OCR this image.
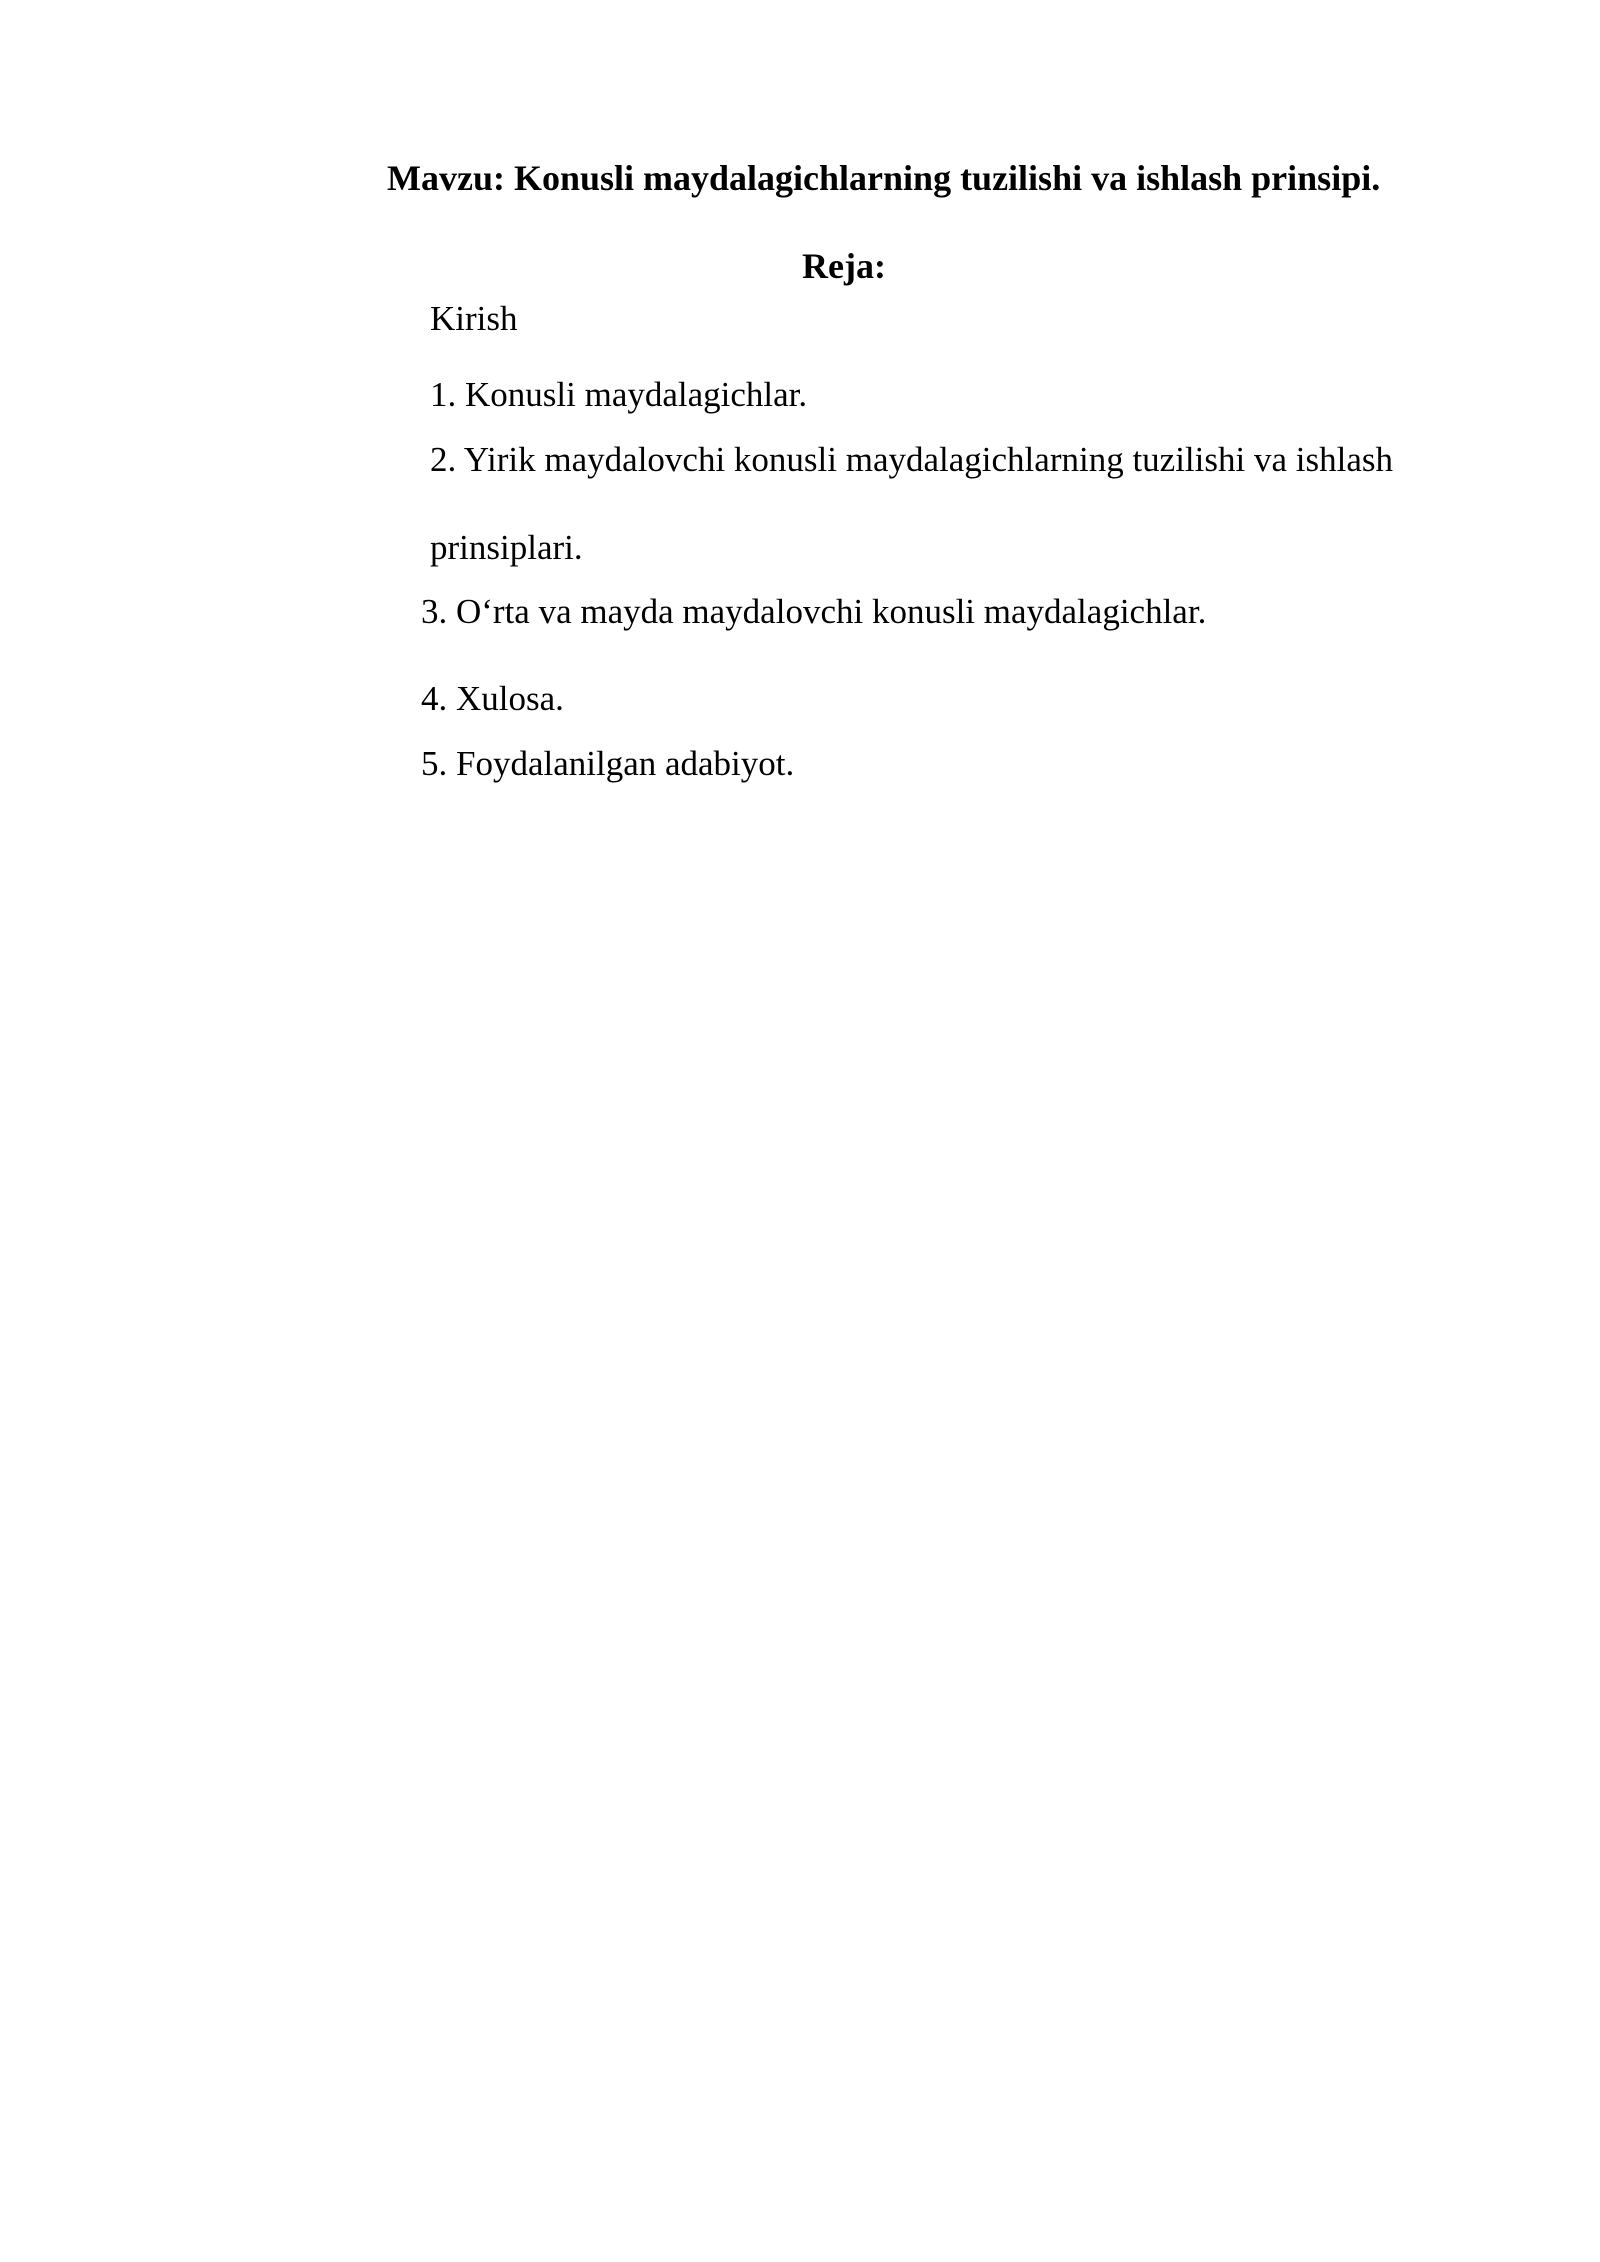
Mavzu: Konusli maydalagichlarning tuzilishi va ishlash prinsipi.
Reja:
Kirish
1. Konusli maydalagichlar.
2. Yirik maydalovchi konusli maydalagichlarning tuzilishi va ishlash
prinsiplari.
3. O‘rta va mayda maydalovchi konusli maydalagichlar.
4. Xulosa.
5. Foydalanilgan adabiyot.
